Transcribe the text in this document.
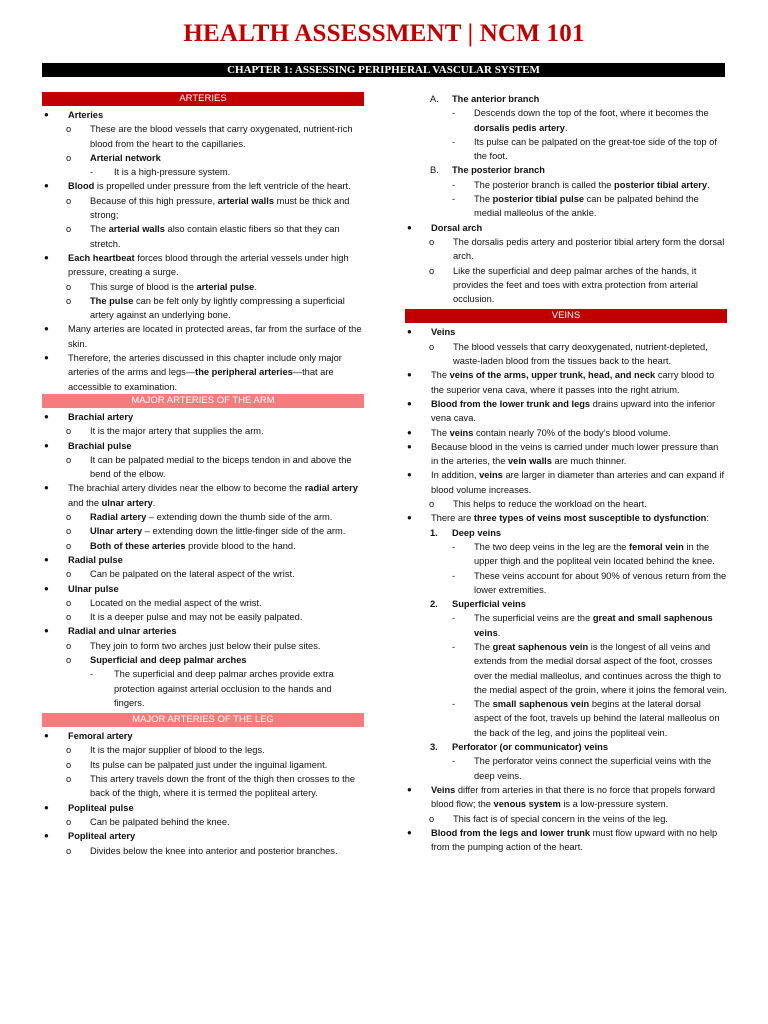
HEALTH ASSESSMENT | NCM 101
CHAPTER 1: ASSESSING PERIPHERAL VASCULAR SYSTEM
ARTERIES
● Arteries
o These are the blood vessels that carry oxygenated, nutrient-rich blood from the heart to the capillaries.
o Arterial network
- It is a high-pressure system.
● Blood is propelled under pressure from the left ventricle of the heart.
o Because of this high pressure, arterial walls must be thick and strong;
o The arterial walls also contain elastic fibers so that they can stretch.
● Each heartbeat forces blood through the arterial vessels under high pressure, creating a surge.
o This surge of blood is the arterial pulse.
o The pulse can be felt only by lightly compressing a superficial artery against an underlying bone.
● Many arteries are located in protected areas, far from the surface of the skin.
● Therefore, the arteries discussed in this chapter include only major arteries of the arms and legs—the peripheral arteries—that are accessible to examination.
MAJOR ARTERIES OF THE ARM
● Brachial artery
o It is the major artery that supplies the arm.
● Brachial pulse
o It can be palpated medial to the biceps tendon in and above the bend of the elbow.
● The brachial artery divides near the elbow to become the radial artery and the ulnar artery.
o Radial artery – extending down the thumb side of the arm.
o Ulnar artery – extending down the little-finger side of the arm.
o Both of these arteries provide blood to the hand.
● Radial pulse
o Can be palpated on the lateral aspect of the wrist.
● Ulnar pulse
o Located on the medial aspect of the wrist.
o It is a deeper pulse and may not be easily palpated.
● Radial and ulnar arteries
o They join to form two arches just below their pulse sites.
o Superficial and deep palmar arches
- The superficial and deep palmar arches provide extra protection against arterial occlusion to the hands and fingers.
MAJOR ARTERIES OF THE LEG
● Femoral artery
o It is the major supplier of blood to the legs.
o Its pulse can be palpated just under the inguinal ligament.
o This artery travels down the front of the thigh then crosses to the back of the thigh, where it is termed the popliteal artery.
● Popliteal pulse
o Can be palpated behind the knee.
● Popliteal artery
o Divides below the knee into anterior and posterior branches.
A. The anterior branch
- Descends down the top of the foot, where it becomes the dorsalis pedis artery.
- Its pulse can be palpated on the great-toe side of the top of the foot.
B. The posterior branch
- The posterior branch is called the posterior tibial artery.
- The posterior tibial pulse can be palpated behind the medial malleolus of the ankle.
● Dorsal arch
o The dorsalis pedis artery and posterior tibial artery form the dorsal arch.
o Like the superficial and deep palmar arches of the hands, it provides the feet and toes with extra protection from arterial occlusion.
VEINS
● Veins
o The blood vessels that carry deoxygenated, nutrient-depleted, waste-laden blood from the tissues back to the heart.
● The veins of the arms, upper trunk, head, and neck carry blood to the superior vena cava, where it passes into the right atrium.
● Blood from the lower trunk and legs drains upward into the inferior vena cava.
● The veins contain nearly 70% of the body’s blood volume.
● Because blood in the veins is carried under much lower pressure than in the arteries, the vein walls are much thinner.
● In addition, veins are larger in diameter than arteries and can expand if blood volume increases.
o This helps to reduce the workload on the heart.
● There are three types of veins most susceptible to dysfunction:
1. Deep veins
- The two deep veins in the leg are the femoral vein in the upper thigh and the popliteal vein located behind the knee.
- These veins account for about 90% of venous return from the lower extremities.
2. Superficial veins
- The superficial veins are the great and small saphenous veins.
- The great saphenous vein is the longest of all veins and extends from the medial dorsal aspect of the foot, crosses over the medial malleolus, and continues across the thigh to the medial aspect of the groin, where it joins the femoral vein.
- The small saphenous vein begins at the lateral dorsal aspect of the foot, travels up behind the lateral malleolus on the back of the leg, and joins the popliteal vein.
3. Perforator (or communicator) veins
- The perforator veins connect the superficial veins with the deep veins.
● Veins differ from arteries in that there is no force that propels forward blood flow; the venous system is a low-pressure system.
o This fact is of special concern in the veins of the leg.
● Blood from the legs and lower trunk must flow upward with no help from the pumping action of the heart.
